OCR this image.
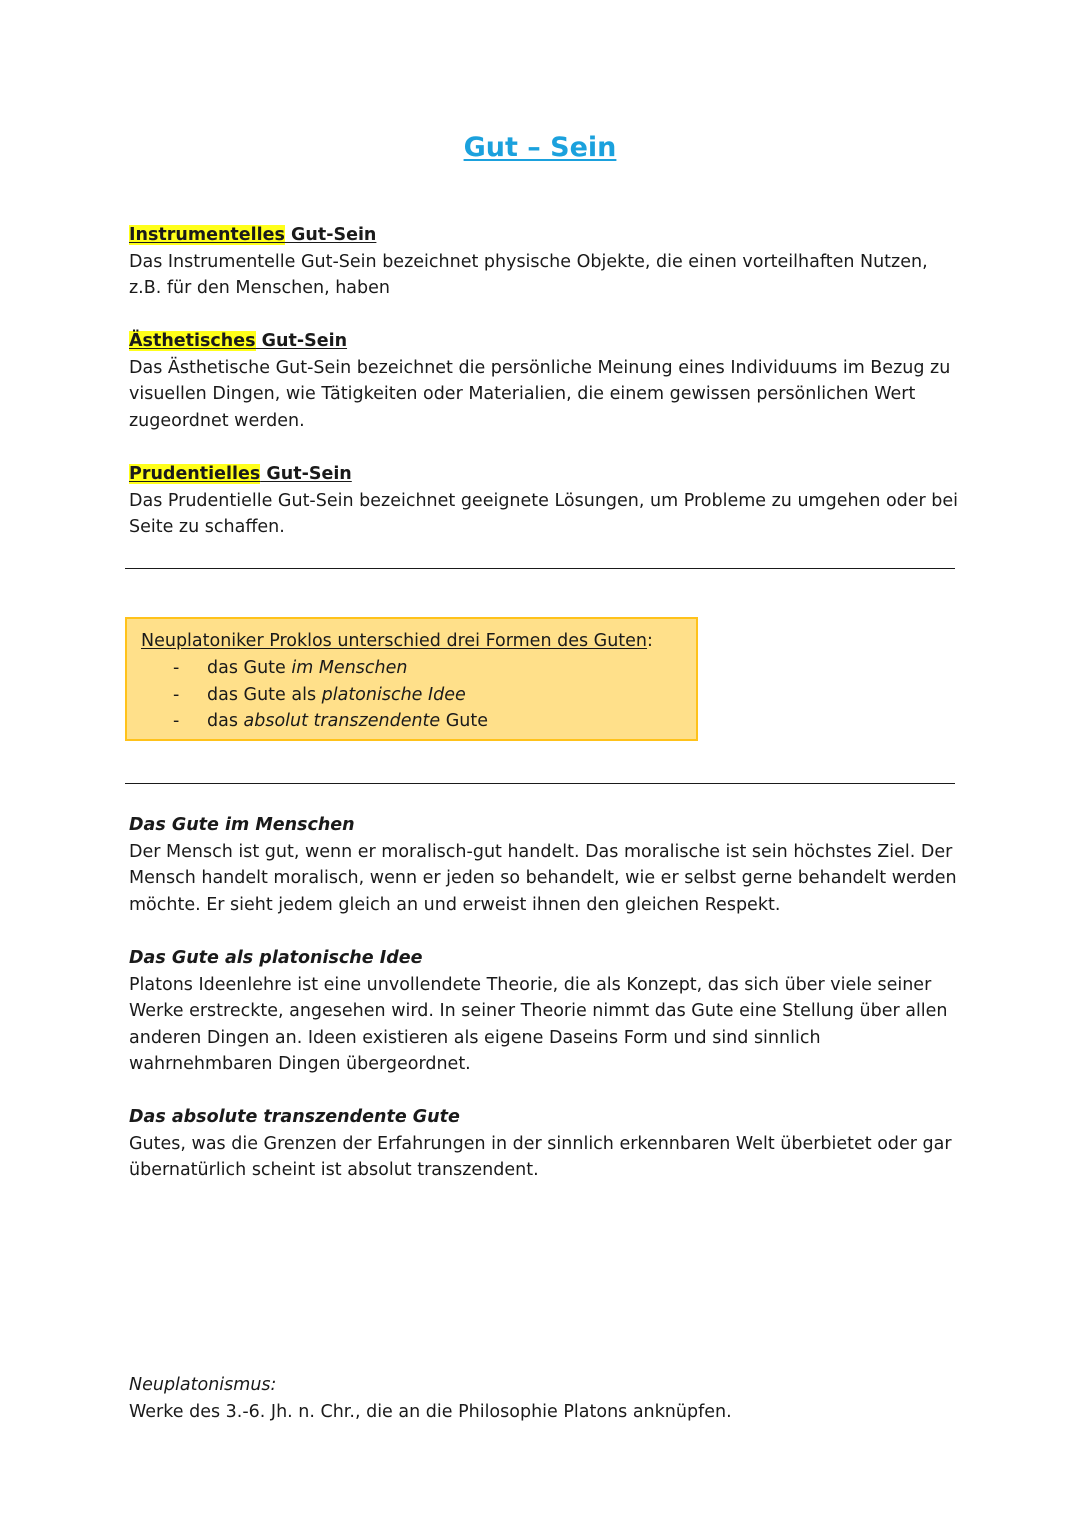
Gut – Sein
Instrumentelles Gut-Sein
Das Instrumentelle Gut-Sein bezeichnet physische Objekte, die einen vorteilhaften Nutzen, z.B. für den Menschen, haben
Ästhetisches Gut-Sein
Das Ästhetische Gut-Sein bezeichnet die persönliche Meinung eines Individuums im Bezug zu visuellen Dingen, wie Tätigkeiten oder Materialien, die einem gewissen persönlichen Wert zugeordnet werden.
Prudentielles Gut-Sein
Das Prudentielle Gut-Sein bezeichnet geeignete Lösungen, um Probleme zu umgehen oder bei Seite zu schaffen.
Neuplatoniker Proklos unterschied drei Formen des Guten:
- das Gute im Menschen
- das Gute als platonische Idee
- das absolut transzendente Gute
Das Gute im Menschen
Der Mensch ist gut, wenn er moralisch-gut handelt. Das moralische ist sein höchstes Ziel. Der Mensch handelt moralisch, wenn er jeden so behandelt, wie er selbst gerne behandelt werden möchte. Er sieht jedem gleich an und erweist ihnen den gleichen Respekt.
Das Gute als platonische Idee
Platons Ideenlehre ist eine unvollendete Theorie, die als Konzept, das sich über viele seiner Werke erstreckte, angesehen wird. In seiner Theorie nimmt das Gute eine Stellung über allen anderen Dingen an. Ideen existieren als eigene Daseins Form und sind sinnlich wahrnehmbaren Dingen übergeordnet.
Das absolute transzendente Gute
Gutes, was die Grenzen der Erfahrungen in der sinnlich erkennbaren Welt überbietet oder gar übernatürlich scheint ist absolut transzendent.
Neuplatonismus:
Werke des 3.-6. Jh. n. Chr., die an die Philosophie Platons anknüpfen.
